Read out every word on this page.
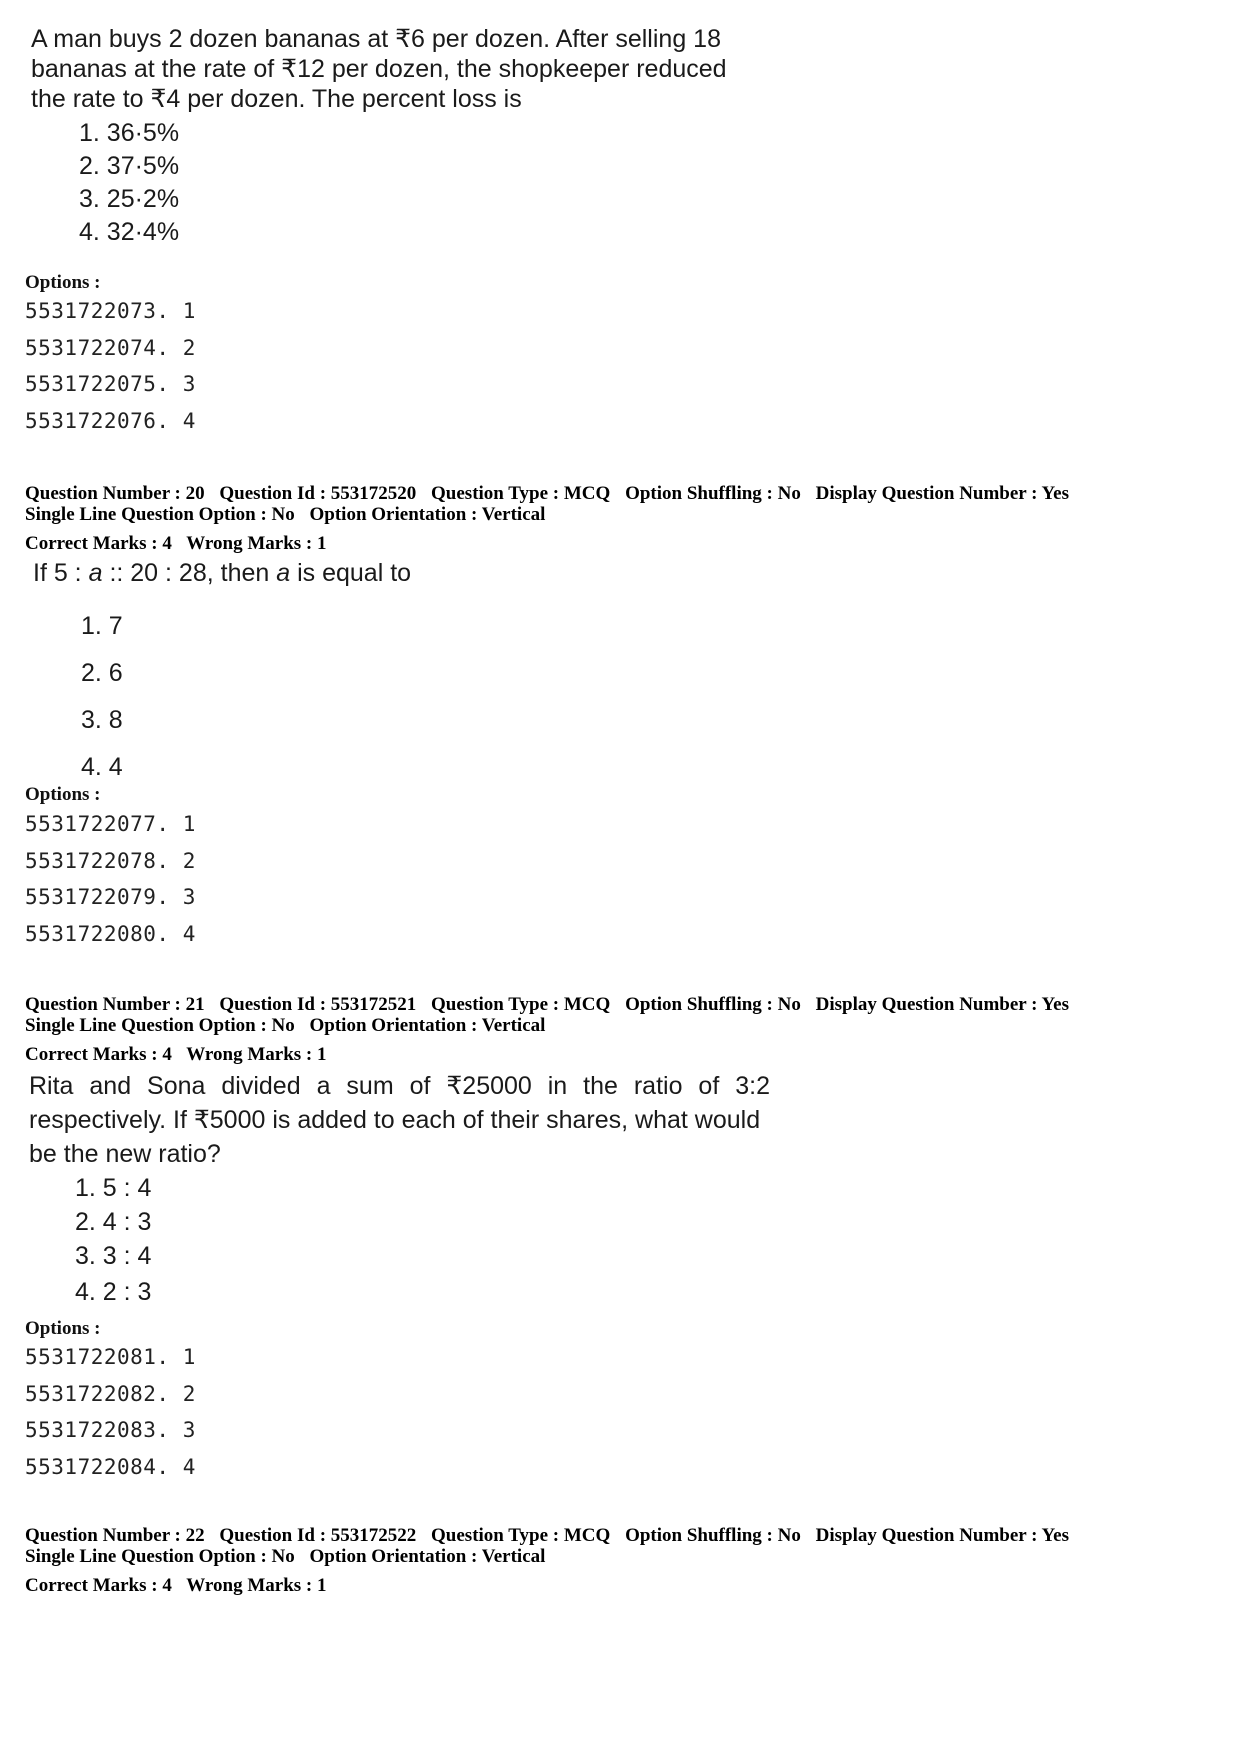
A man buys 2 dozen bananas at ₹6 per dozen. After selling 18
bananas at the rate of ₹12 per dozen, the shopkeeper reduced
the rate to ₹4 per dozen. The percent loss is
1. 36·5%
2. 37·5%
3. 25·2%
4. 32·4%
Options :
5531722073. 1
5531722074. 2
5531722075. 3
5531722076. 4
Question Number : 20 Question Id : 553172520 Question Type : MCQ Option Shuffling : No Display Question Number : Yes
Single Line Question Option : No Option Orientation : Vertical
Correct Marks : 4 Wrong Marks : 1
If 5 : a :: 20 : 28, then a is equal to
1. 7
2. 6
3. 8
4. 4
Options :
5531722077. 1
5531722078. 2
5531722079. 3
5531722080. 4
Question Number : 21 Question Id : 553172521 Question Type : MCQ Option Shuffling : No Display Question Number : Yes
Single Line Question Option : No Option Orientation : Vertical
Correct Marks : 4 Wrong Marks : 1
Rita and Sona divided a sum of ₹25000 in the ratio of 3:2
respectively. If ₹5000 is added to each of their shares, what would
be the new ratio?
1. 5 : 4
2. 4 : 3
3. 3 : 4
4. 2 : 3
Options :
5531722081. 1
5531722082. 2
5531722083. 3
5531722084. 4
Question Number : 22 Question Id : 553172522 Question Type : MCQ Option Shuffling : No Display Question Number : Yes
Single Line Question Option : No Option Orientation : Vertical
Correct Marks : 4 Wrong Marks : 1
